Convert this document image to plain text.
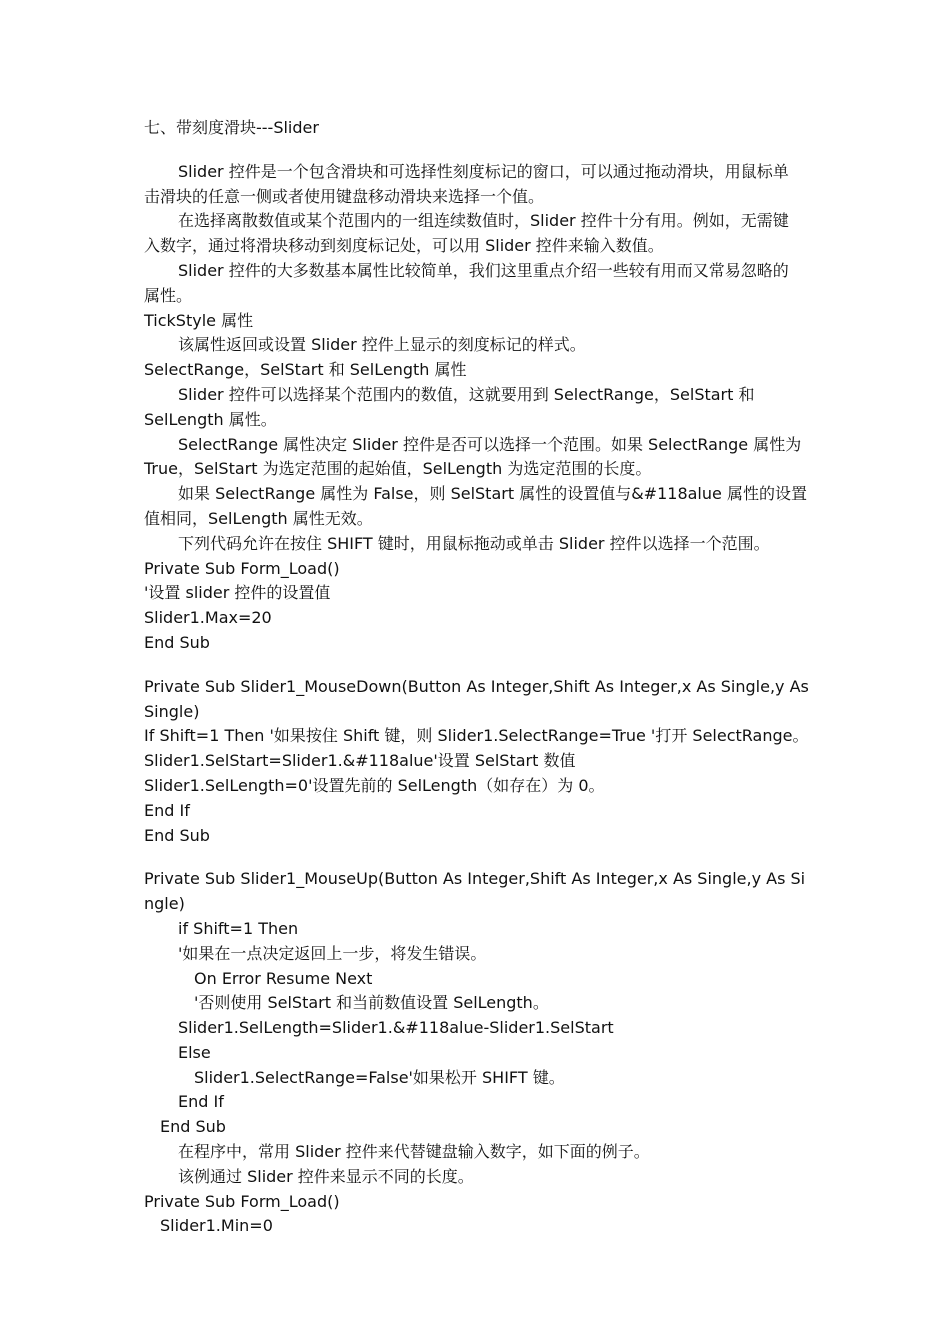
七、带刻度滑块---Slider
Slider 控件是一个包含滑块和可选择性刻度标记的窗口，可以通过拖动滑块，用鼠标单
击滑块的任意一侧或者使用键盘移动滑块来选择一个值。
在选择离散数值或某个范围内的一组连续数值时，Slider 控件十分有用。例如，无需键
入数字，通过将滑块移动到刻度标记处，可以用 Slider 控件来输入数值。
Slider 控件的大多数基本属性比较简单，我们这里重点介绍一些较有用而又常易忽略的
属性。
TickStyle 属性
该属性返回或设置 Slider 控件上显示的刻度标记的样式。
SelectRange，SelStart 和 SelLength 属性
Slider 控件可以选择某个范围内的数值，这就要用到 SelectRange，SelStart 和
SelLength 属性。
SelectRange 属性决定 Slider 控件是否可以选择一个范围。如果 SelectRange 属性为
True，SelStart 为选定范围的起始值，SelLength 为选定范围的长度。
如果 SelectRange 属性为 False，则 SelStart 属性的设置值与&#118alue 属性的设置
值相同，SelLength 属性无效。
下列代码允许在按住 SHIFT 键时，用鼠标拖动或单击 Slider 控件以选择一个范围。
Private Sub Form_Load()
'设置 slider 控件的设置值
Slider1.Max=20
End Sub
Private Sub Slider1_MouseDown(Button As Integer,Shift As Integer,x As Single,y As
Single)
If Shift=1 Then '如果按住 Shift 键，则 Slider1.SelectRange=True '打开 SelectRange。
Slider1.SelStart=Slider1.&#118alue'设置 SelStart 数值
Slider1.SelLength=0'设置先前的 SelLength（如存在）为 0。
End If
End Sub
Private Sub Slider1_MouseUp(Button As Integer,Shift As Integer,x As Single,y As Single)
if Shift=1 Then
'如果在一点决定返回上一步，将发生错误。
On Error Resume Next
'否则使用 SelStart 和当前数值设置 SelLength。
Slider1.SelLength=Slider1.&#118alue-Slider1.SelStart
Else
Slider1.SelectRange=False'如果松开 SHIFT 键。
End If
End Sub
在程序中，常用 Slider 控件来代替键盘输入数字，如下面的例子。
该例通过 Slider 控件来显示不同的长度。
Private Sub Form_Load()
Slider1.Min=0
